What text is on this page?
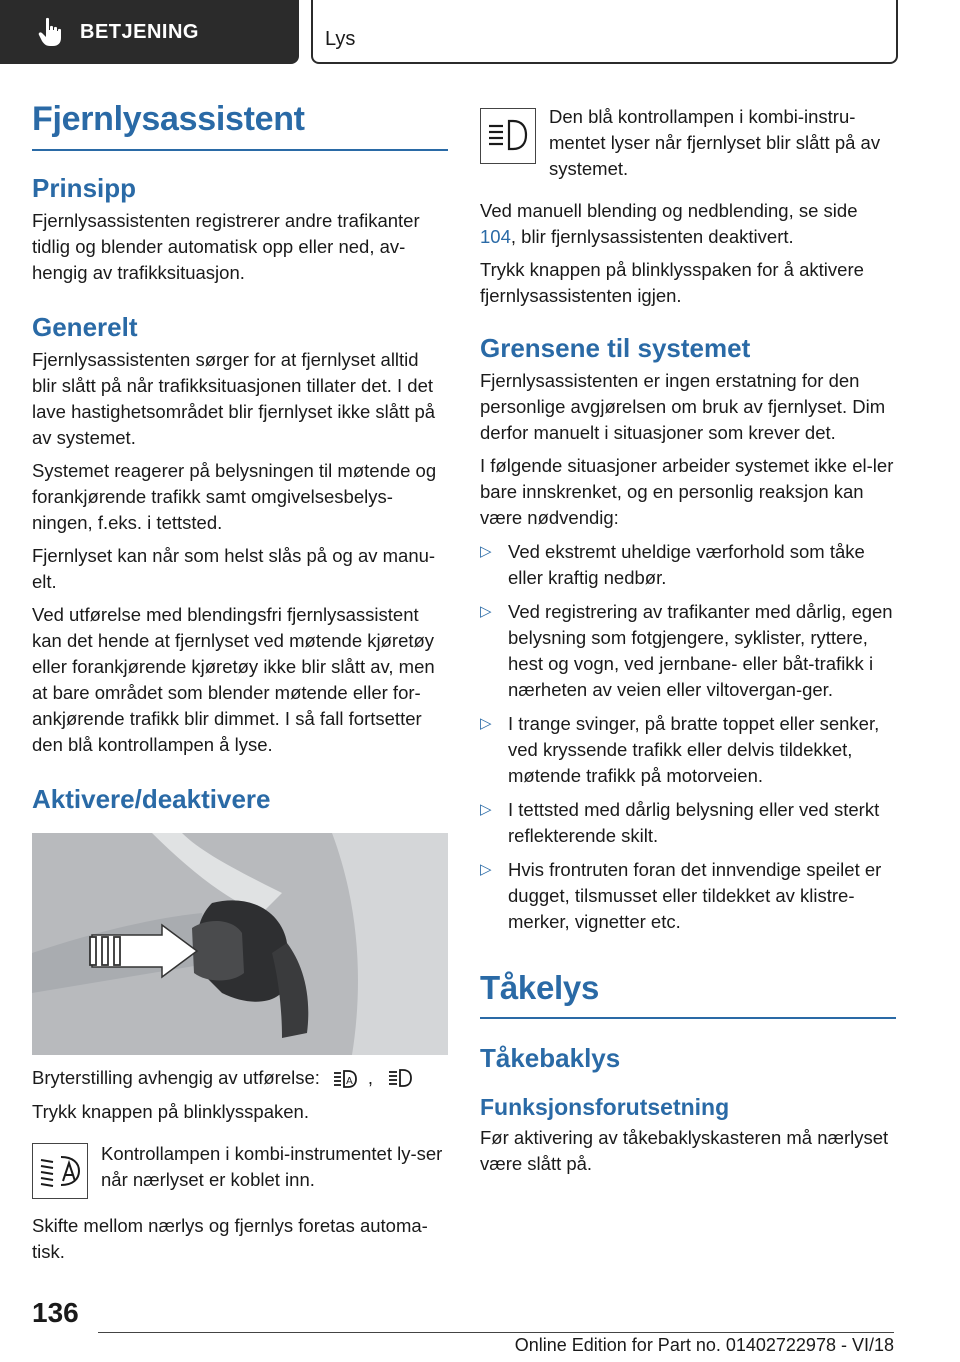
BETJENING	Lys
Fjernlysassistent
Prinsipp

Fjernlysassistenten registrerer andre trafikanter tidlig og blender automatisk opp eller ned, av-hengig av trafikksituasjon.

Generelt

Fjernlysassistenten sørger for at fjernlyset alltid blir slått på når trafikksituasjonen tillater det. I det lave hastighetsområdet blir fjernlyset ikke slått på av systemet.

Systemet reagerer på belysningen til møtende og forankjørende trafikk samt omgivelsesbelys-ningen, f.eks. i tettsted.

Fjernlyset kan når som helst slås på og av manu-elt.

Ved utførelse med blendingsfri fjernlysassistent kan det hende at fjernlyset ved møtende kjøretøy eller forankjørende kjøretøy ikke blir slått av, men at bare området som blender møtende eller for-ankjørende trafikk blir dimmet. I så fall fortsetter den blå kontrollampen å lyse.

Aktivere/deaktivere

Bryterstilling avhengig av utførelse:	A ,

Trykk knappen på blinklysspaken.

Kontrollampen i kombi-instrumentet ly-ser når nærlyset er koblet inn.

Skifte mellom nærlys og fjernlys foretas automa-tisk.

Den blå kontrollampen i kombi-instru-mentet lyser når fjernlyset blir slått på av systemet.

Ved manuell blending og nedblending, se side 104, blir fjernlysassistenten deaktivert.

Trykk knappen på blinklysspaken for å aktivere fjernlysassistenten igjen.

Grensene til systemet

Fjernlysassistenten er ingen erstatning for den personlige avgjørelsen om bruk av fjernlyset. Dim derfor manuelt i situasjoner som krever det.

I følgende situasjoner arbeider systemet ikke el-ler bare innskrenket, og en personlig reaksjon kan være nødvendig:

▷ Ved ekstremt uheldige værforhold som tåke eller kraftig nedbør.
▷ Ved registrering av trafikanter med dårlig, egen belysning som fotgjengere, syklister, ryttere, hest og vogn, ved jernbane- eller båt-trafikk i nærheten av veien eller viltovergan-ger.
▷ I trange svinger, på bratte toppet eller senker, ved kryssende trafikk eller delvis tildekket, møtende trafikk på motorveien.
▷ I tettsted med dårlig belysning eller ved sterkt reflekterende skilt.
▷ Hvis frontruten foran det innvendige speilet er dugget, tilsmusset eller tildekket av klistre-merker, vignetter etc.
Tåkelys
Tåkebaklys
Funksjonsforutsetning

Før aktivering av tåkebaklyskasteren må nærlyset være slått på.

136
Online Edition for Part no. 01402722978 - VI/18
